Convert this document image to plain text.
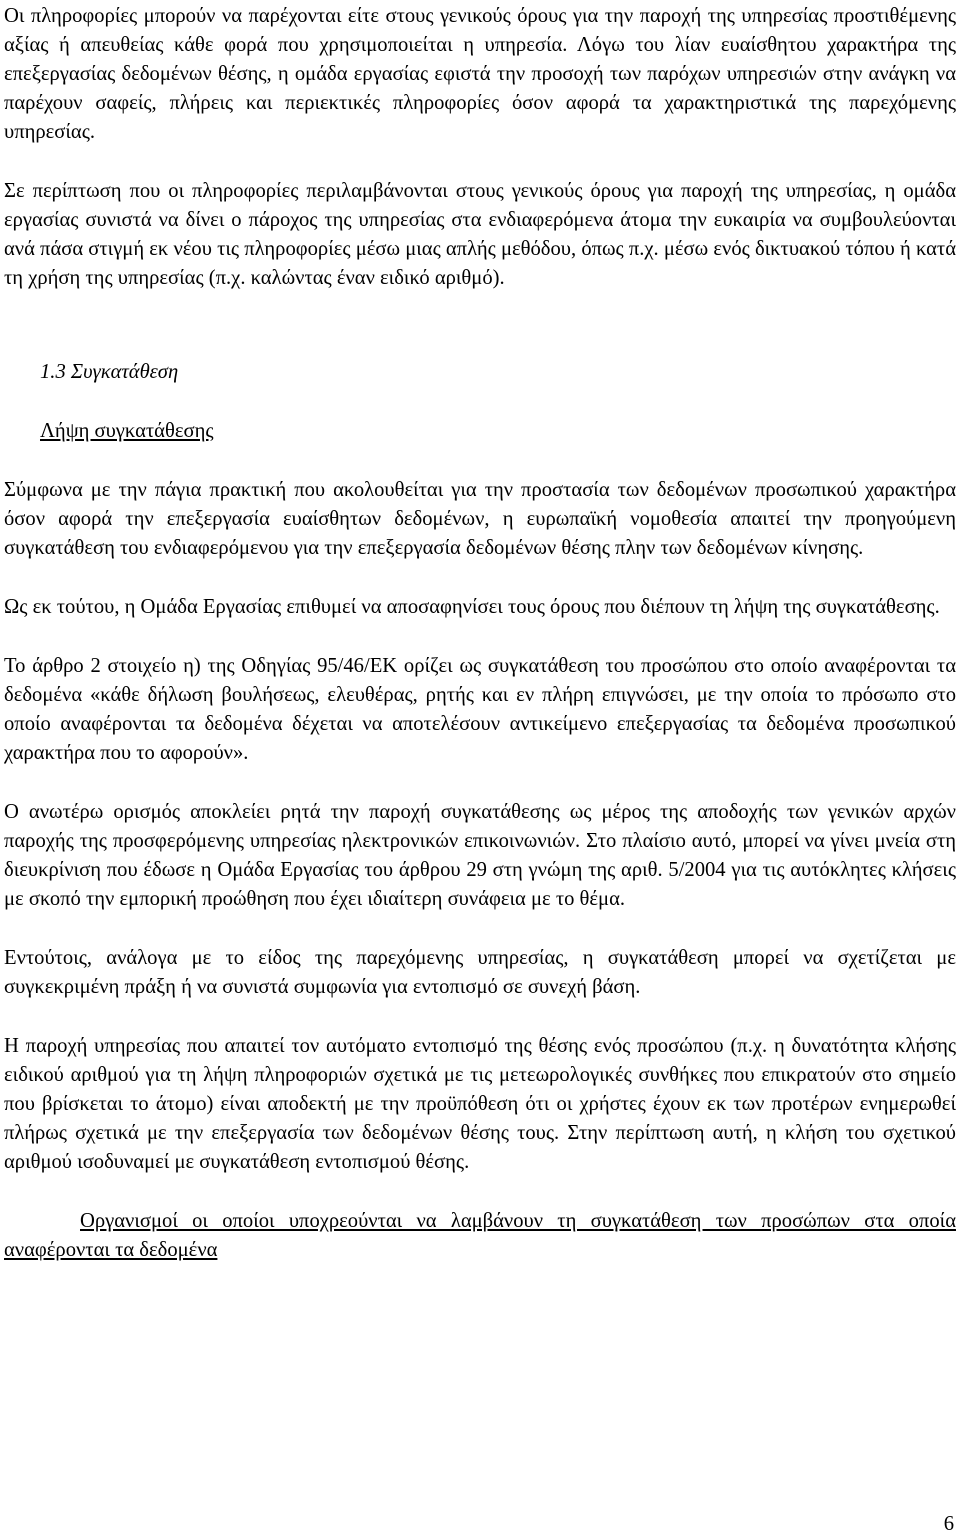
Οι πληροφορίες μπορούν να παρέχονται είτε στους γενικούς όρους για την παροχή της υπηρεσίας προστιθέμενης αξίας ή απευθείας κάθε φορά που χρησιμοποιείται η υπηρεσία. Λόγω του λίαν ευαίσθητου χαρακτήρα της επεξεργασίας δεδομένων θέσης, η ομάδα εργασίας εφιστά την προσοχή των παρόχων υπηρεσιών στην ανάγκη να παρέχουν σαφείς, πλήρεις και περιεκτικές πληροφορίες όσον αφορά τα χαρακτηριστικά της παρεχόμενης υπηρεσίας.

Σε περίπτωση που οι πληροφορίες περιλαμβάνονται στους γενικούς όρους για παροχή της υπηρεσίας, η ομάδα εργασίας συνιστά να δίνει ο πάροχος της υπηρεσίας στα ενδιαφερόμενα άτομα την ευκαιρία να συμβουλεύονται ανά πάσα στιγμή εκ νέου τις πληροφορίες μέσω μιας απλής μεθόδου, όπως π.χ. μέσω ενός δικτυακού τόπου ή κατά τη χρήση της υπηρεσίας (π.χ. καλώντας έναν ειδικό αριθμό).

1.3 Συγκατάθεση
Λήψη συγκατάθεσης

Σύμφωνα με την πάγια πρακτική που ακολουθείται για την προστασία των δεδομένων προσωπικού χαρακτήρα όσον αφορά την επεξεργασία ευαίσθητων δεδομένων, η ευρωπαϊκή νομοθεσία απαιτεί την προηγούμενη συγκατάθεση του ενδιαφερόμενου για την επεξεργασία δεδομένων θέσης πλην των δεδομένων κίνησης.

Ως εκ τούτου, η Ομάδα Εργασίας επιθυμεί να αποσαφηνίσει τους όρους που διέπουν τη λήψη της συγκατάθεσης.

Το άρθρο 2 στοιχείο η) της Οδηγίας 95/46/ΕΚ ορίζει ως συγκατάθεση του προσώπου στο οποίο αναφέρονται τα δεδομένα «κάθε δήλωση βουλήσεως, ελευθέρας, ρητής και εν πλήρη επιγνώσει, με την οποία το πρόσωπο στο οποίο αναφέρονται τα δεδομένα δέχεται να αποτελέσουν αντικείμενο επεξεργασίας τα δεδομένα προσωπικού χαρακτήρα που το αφορούν».

Ο ανωτέρω ορισμός αποκλείει ρητά την παροχή συγκατάθεσης ως μέρος της αποδοχής των γενικών αρχών παροχής της προσφερόμενης υπηρεσίας ηλεκτρονικών επικοινωνιών. Στο πλαίσιο αυτό, μπορεί να γίνει μνεία στη διευκρίνιση που έδωσε η Ομάδα Εργασίας του άρθρου 29 στη γνώμη της αριθ. 5/2004 για τις αυτόκλητες κλήσεις με σκοπό την εμπορική προώθηση που έχει ιδιαίτερη συνάφεια με το θέμα.

Εντούτοις, ανάλογα με το είδος της παρεχόμενης υπηρεσίας, η συγκατάθεση μπορεί να σχετίζεται με συγκεκριμένη πράξη ή να συνιστά συμφωνία για εντοπισμό σε συνεχή βάση.

Η παροχή υπηρεσίας που απαιτεί τον αυτόματο εντοπισμό της θέσης ενός προσώπου (π.χ. η δυνατότητα κλήσης ειδικού αριθμού για τη λήψη πληροφοριών σχετικά με τις μετεωρολογικές συνθήκες που επικρατούν στο σημείο που βρίσκεται το άτομο) είναι αποδεκτή με την προϋπόθεση ότι οι χρήστες έχουν εκ των προτέρων ενημερωθεί πλήρως σχετικά με την επεξεργασία των δεδομένων θέσης τους. Στην περίπτωση αυτή, η κλήση του σχετικού αριθμού ισοδυναμεί με συγκατάθεση εντοπισμού θέσης.

Οργανισμοί οι οποίοι υποχρεούνται να λαμβάνουν τη συγκατάθεση των προσώπων στα οποία αναφέρονται τα δεδομένα

6
